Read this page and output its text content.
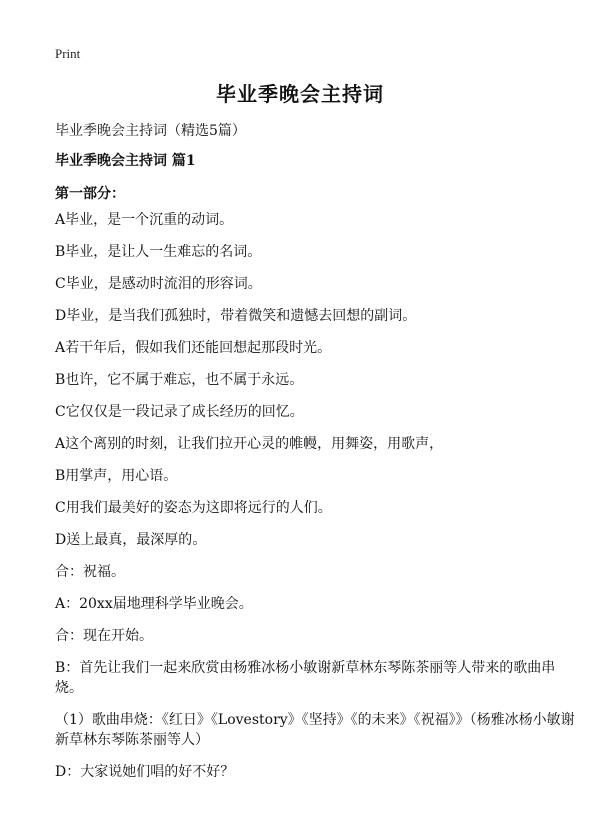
Print
毕业季晚会主持词
毕业季晚会主持词（精选5篇）
毕业季晚会主持词 篇1
第一部分：
A毕业，是一个沉重的动词。
B毕业，是让人一生难忘的名词。
C毕业，是感动时流泪的形容词。
D毕业，是当我们孤独时，带着微笑和遗憾去回想的副词。
A若干年后，假如我们还能回想起那段时光。
B也许，它不属于难忘，也不属于永远。
C它仅仅是一段记录了成长经历的回忆。
A这个离别的时刻，让我们拉开心灵的帷幔，用舞姿，用歌声，
B用掌声，用心语。
C用我们最美好的姿态为这即将远行的人们。
D送上最真，最深厚的。
合：祝福。
A：20xx届地理科学毕业晚会。
合：现在开始。
B：首先让我们一起来欣赏由杨雅冰杨小敏谢新草林东琴陈茶丽等人带来的歌曲串烧。
（1）歌曲串烧：《红日》《Lovestory》《坚持》《的未来》《祝福》》（杨雅冰杨小敏谢新草林东琴陈茶丽等人）
D：大家说她们唱的好不好？
